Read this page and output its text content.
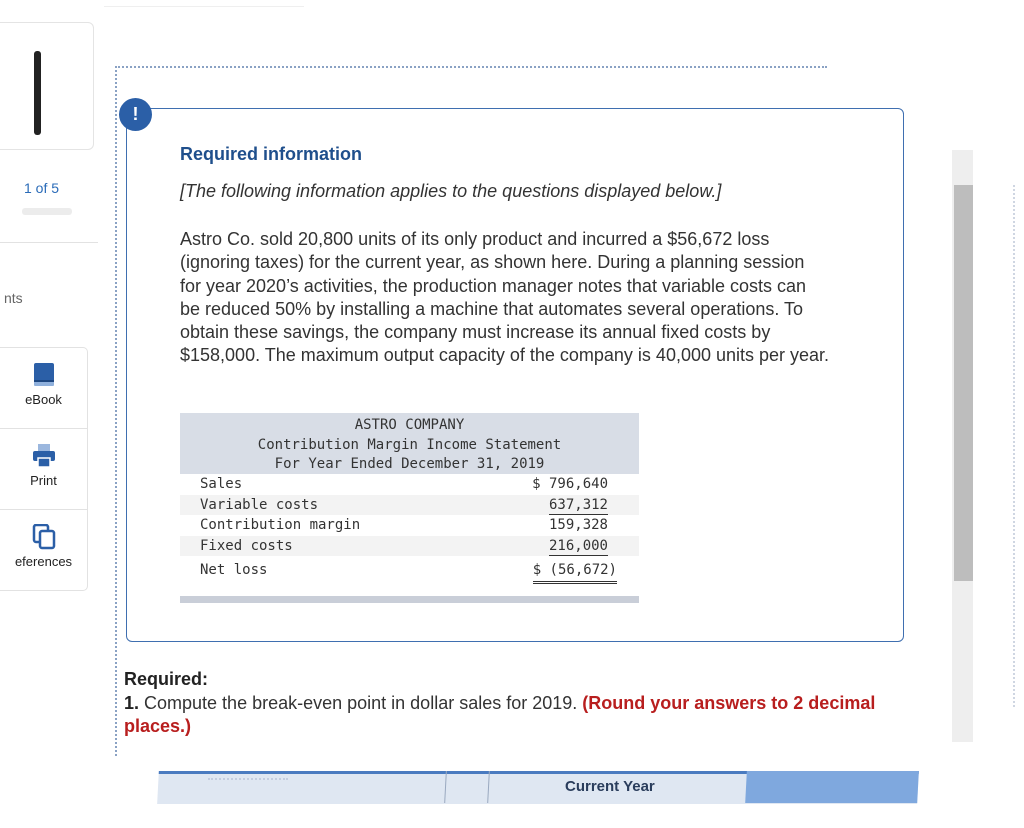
1 of 5
nts
eBook
Print
eferences
!
Required information
[The following information applies to the questions displayed below.]
Astro Co. sold 20,800 units of its only product and incurred a $56,672 loss (ignoring taxes) for the current year, as shown here. During a planning session for year 2020’s activities, the production manager notes that variable costs can be reduced 50% by installing a machine that automates several operations. To obtain these savings, the company must increase its annual fixed costs by $158,000. The maximum output capacity of the company is 40,000 units per year.
ASTRO COMPANY
Contribution Margin Income Statement
For Year Ended December 31, 2019
Sales	$ 796,640
Variable costs	637,312
Contribution margin	159,328
Fixed costs	216,000
Net loss	$ (56,672)
Required:
1. Compute the break-even point in dollar sales for 2019. (Round your answers to 2 decimal places.)
Current Year
